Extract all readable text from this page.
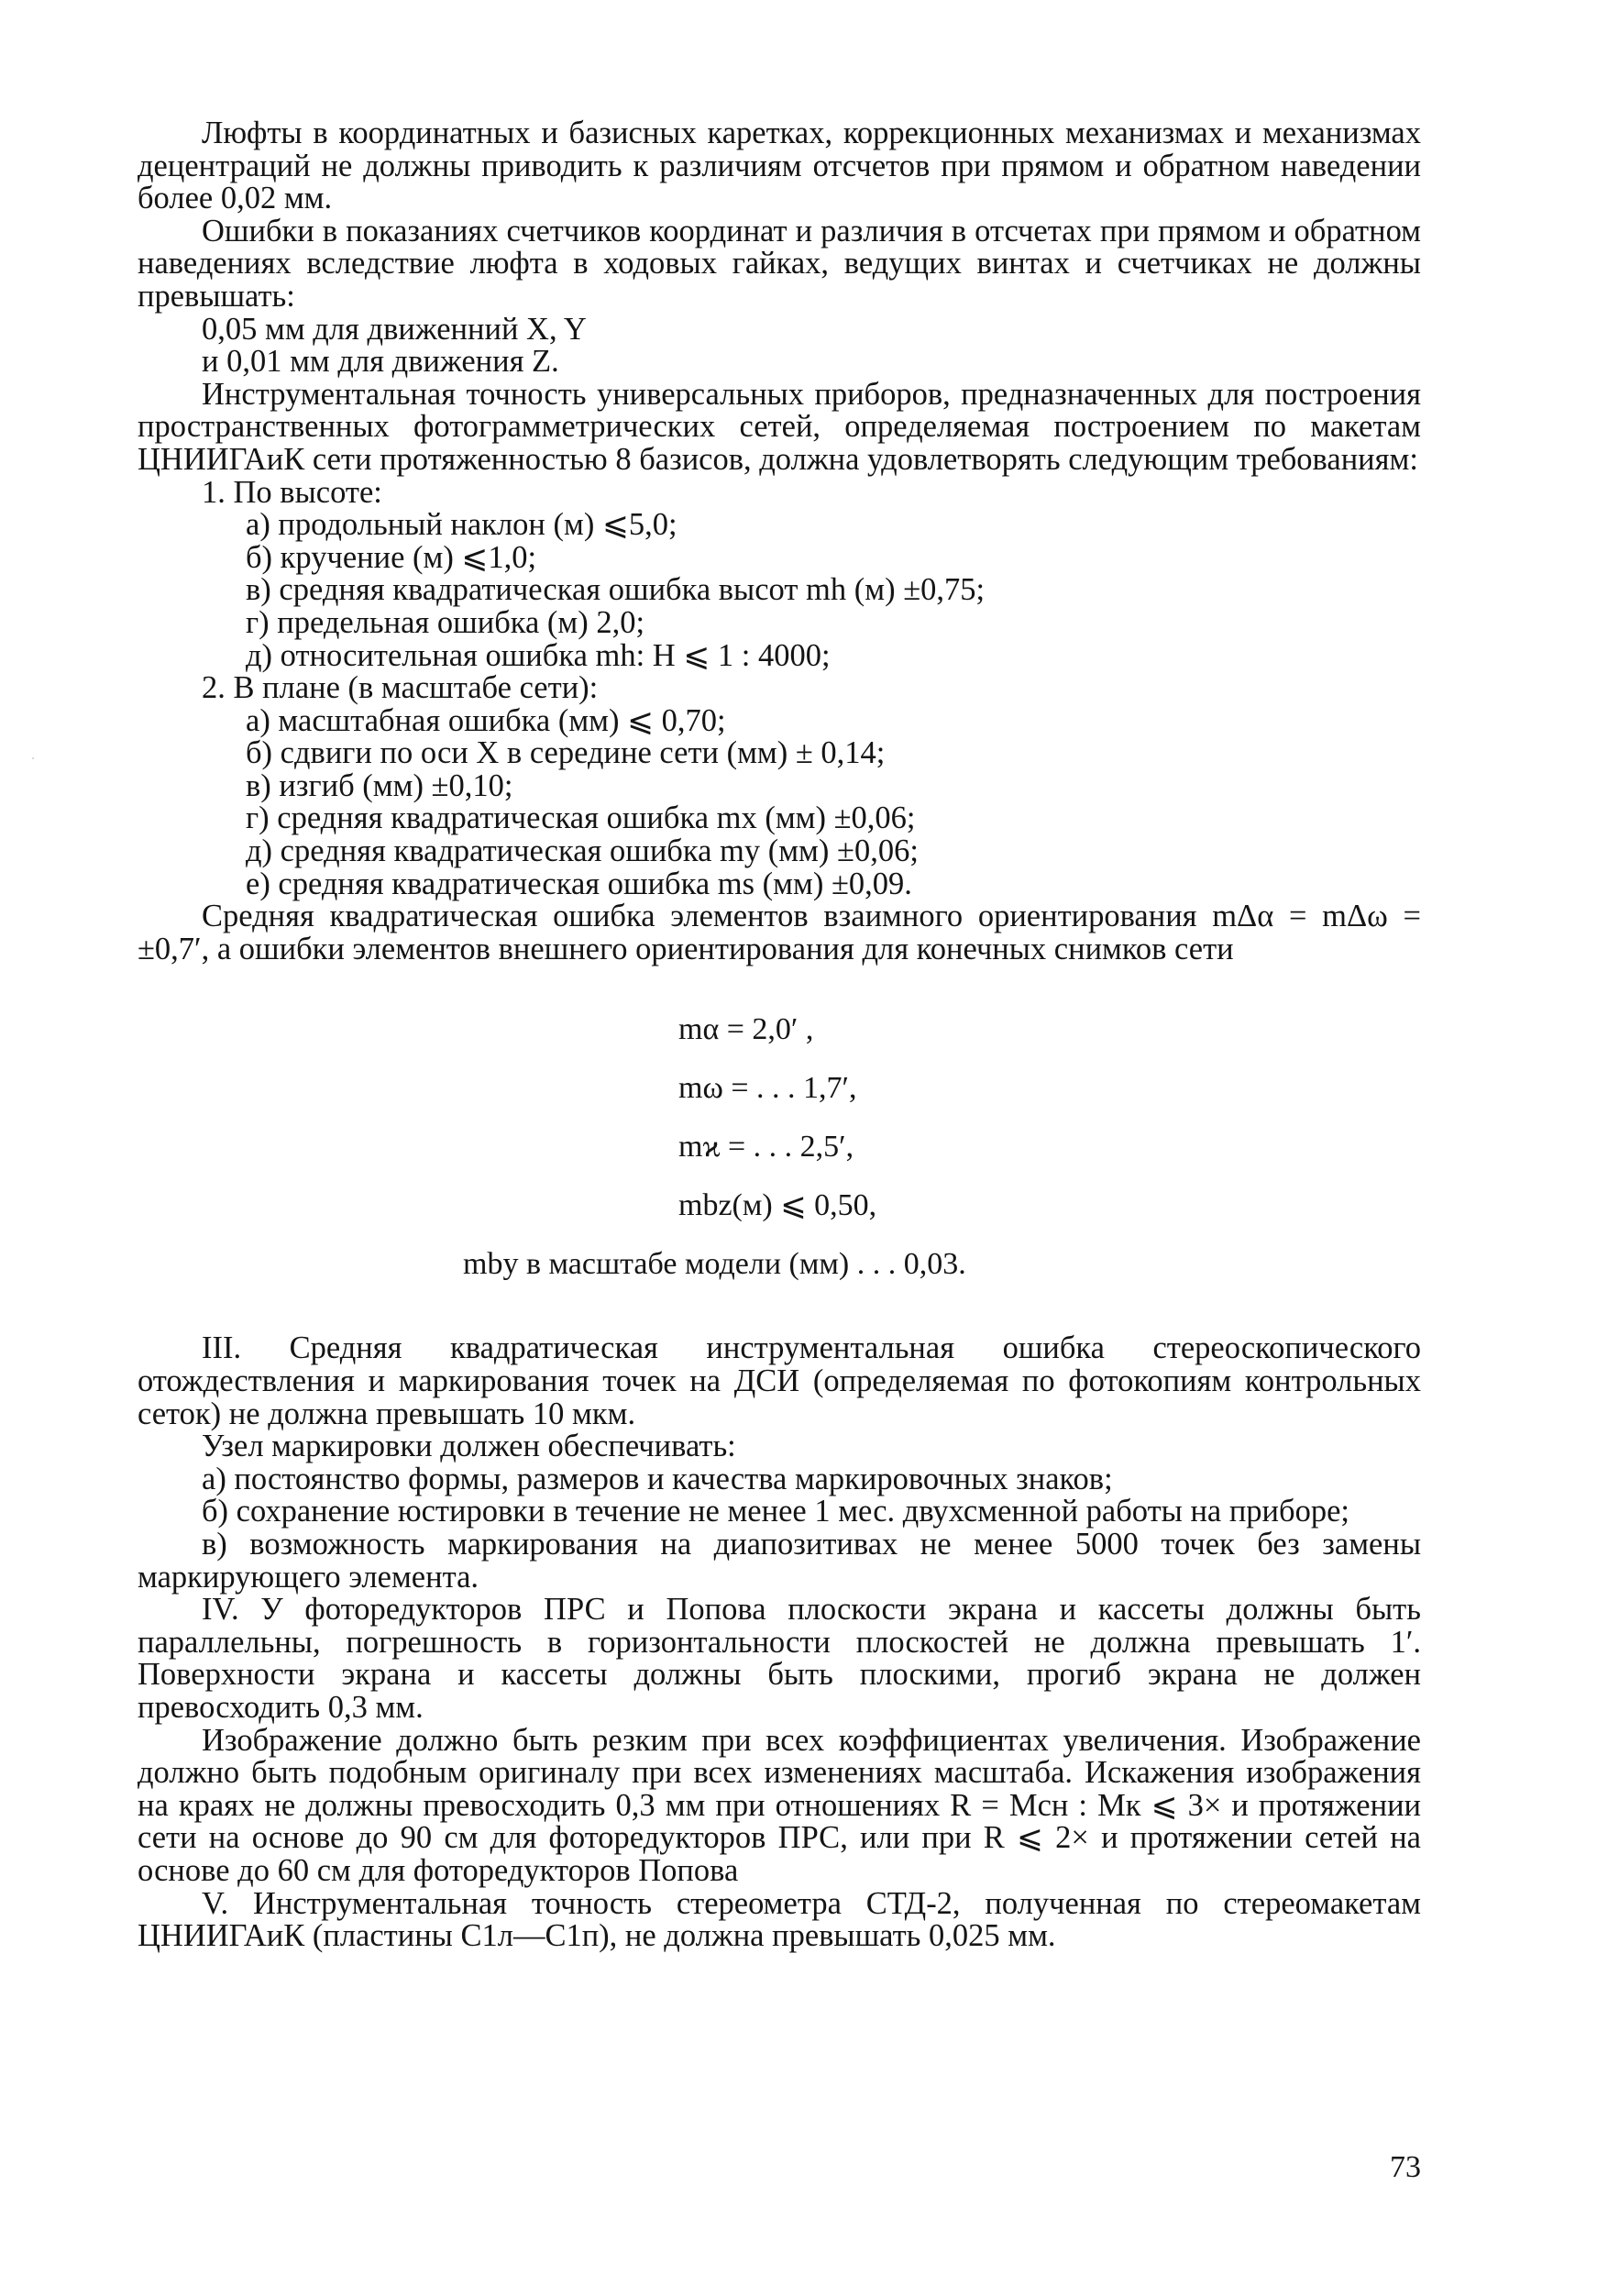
Люфты в координатных и базисных каретках, коррекционных механизмах и механизмах децентраций не должны приводить к различиям отсчетов при прямом и обратном наведении более 0,02 мм.

Ошибки в показаниях счетчиков координат и различия в отсчетах при прямом и обратном наведениях вследствие люфта в ходовых гайках, ведущих винтах и счетчиках не должны превышать:

0,05 мм для движенний X, Y

и 0,01 мм для движения Z.

Инструментальная точность универсальных приборов, предназначенных для построения пространственных фотограмметрических сетей, определяемая построением по макетам ЦНИИГАиК сети протяженностью 8 базисов, должна удовлетворять следующим требованиям:

1. По высоте:

а) продольный наклон (м) ⩽5,0;

б) кручение (м) ⩽1,0;

в) средняя квадратическая ошибка высот mh (м) ±0,75;

г) предельная ошибка (м) 2,0;

д) относительная ошибка mh: H ⩽ 1 : 4000;

2. В плане (в масштабе сети):

а) масштабная ошибка (мм) ⩽ 0,70;

б) сдвиги по оси X в середине сети (мм) ± 0,14;

в) изгиб (мм) ±0,10;

г) средняя квадратическая ошибка mx (мм) ±0,06;

д) средняя квадратическая ошибка my (мм) ±0,06;

е) средняя квадратическая ошибка ms (мм) ±0,09.

Средняя квадратическая ошибка элементов взаимного ориентирования mΔα = mΔω = ±0,7′, а ошибки элементов внешнего ориентирования для конечных снимков сети

mα = 2,0′ ,
mω = . . . 1,7′,
mϰ = . . . 2,5′,
mbz(м) ⩽ 0,50,
mby в масштабе модели (мм) . . . 0,03.

III. Средняя квадратическая инструментальная ошибка стереоскопического отождествления и маркирования точек на ДСИ (определяемая по фотокопиям контрольных сеток) не должна превышать 10 мкм.

Узел маркировки должен обеспечивать:

а) постоянство формы, размеров и качества маркировочных знаков;

б) сохранение юстировки в течение не менее 1 мес. двухсменной работы на приборе;

в) возможность маркирования на диапозитивах не менее 5000 точек без замены маркирующего элемента.

IV. У фоторедукторов ПРС и Попова плоскости экрана и кассеты должны быть параллельны, погрешность в горизонтальности плоскостей не должна превышать 1′. Поверхности экрана и кассеты должны быть плоскими, прогиб экрана не должен превосходить 0,3 мм.

Изображение должно быть резким при всех коэффициентах увеличения. Изображение должно быть подобным оригиналу при всех изменениях масштаба. Искажения изображения на краях не должны превосходить 0,3 мм при отношениях R = Mсн : Mк ⩽ 3× и протяжении сети на основе до 90 см для фоторедукторов ПРС, или при R ⩽ 2× и протяжении сетей на основе до 60 см для фоторедукторов Попова

V. Инструментальная точность стереометра СТД-2, полученная по стереомакетам ЦНИИГАиК (пластины C1л—C1п), не должна превышать 0,025 мм.

73
